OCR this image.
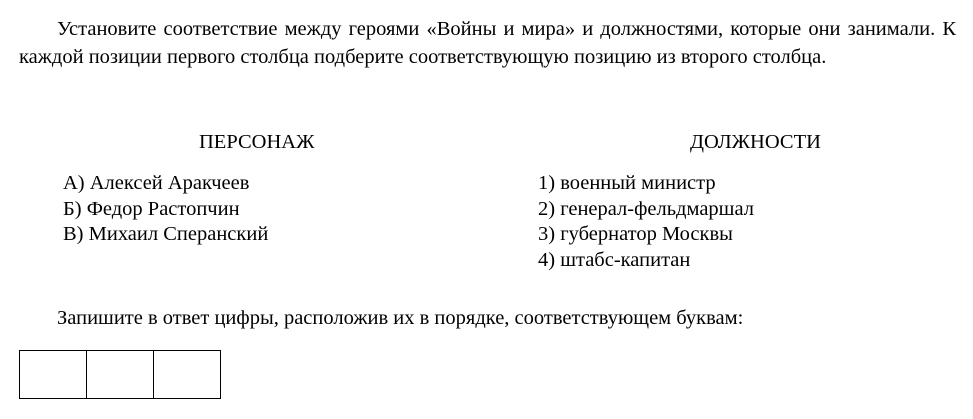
Установите соответствие между героями «Войны и мира» и должностями, которые они занимали. К каждой позиции первого столбца подберите соответствующую позицию из второго столбца.

ПЕРСОНАЖ	ДОЛЖНОСТИ
А) Алексей Аракчеев
Б) Федор Растопчин
В) Михаил Сперанский
1) военный министр
2) генерал-фельдмаршал
3) губернатор Москвы
4) штабс-капитан

Запишите в ответ цифры, расположив их в порядке, соответствующем буквам:
